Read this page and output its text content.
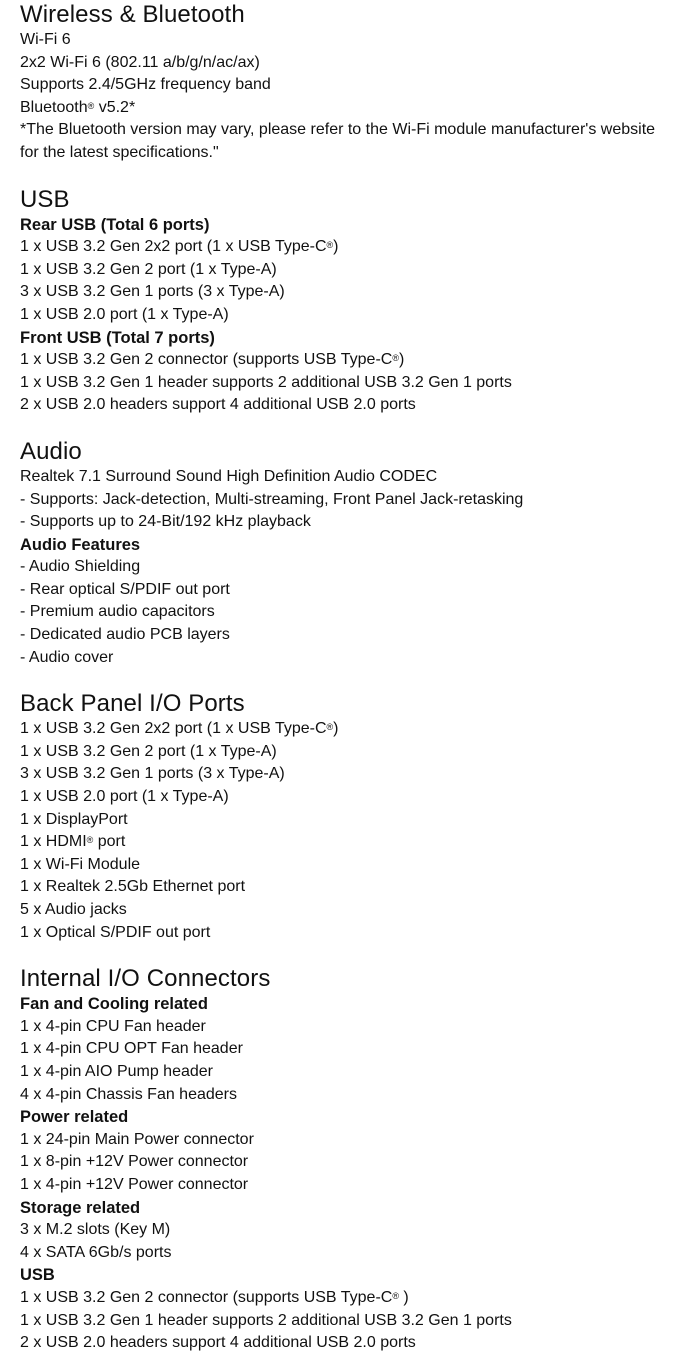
Wireless & Bluetooth
Wi-Fi 6
2x2 Wi-Fi 6 (802.11 a/b/g/n/ac/ax)
Supports 2.4/5GHz frequency band
Bluetooth® v5.2*
*The Bluetooth version may vary, please refer to the Wi-Fi module manufacturer's website for the latest specifications."
USB
Rear USB (Total 6 ports)
1 x USB 3.2 Gen 2x2 port (1 x USB Type-C®)
1 x USB 3.2 Gen 2 port (1 x Type-A)
3 x USB 3.2 Gen 1 ports (3 x Type-A)
1 x USB 2.0 port (1 x Type-A)
Front USB (Total 7 ports)
1 x USB 3.2 Gen 2 connector (supports USB Type-C®)
1 x USB 3.2 Gen 1 header supports 2 additional USB 3.2 Gen 1 ports
2 x USB 2.0 headers support 4 additional USB 2.0 ports
Audio
Realtek 7.1 Surround Sound High Definition Audio CODEC
- Supports: Jack-detection, Multi-streaming, Front Panel Jack-retasking
- Supports up to 24-Bit/192 kHz playback
Audio Features
- Audio Shielding
- Rear optical S/PDIF out port
- Premium audio capacitors
- Dedicated audio PCB layers
- Audio cover
Back Panel I/O Ports
1 x USB 3.2 Gen 2x2 port (1 x USB Type-C®)
1 x USB 3.2 Gen 2 port (1 x Type-A)
3 x USB 3.2 Gen 1 ports (3 x Type-A)
1 x USB 2.0 port (1 x Type-A)
1 x DisplayPort
1 x HDMI® port
1 x Wi-Fi Module
1 x Realtek 2.5Gb Ethernet port
5 x Audio jacks
1 x Optical S/PDIF out port
Internal I/O Connectors
Fan and Cooling related
1 x 4-pin CPU Fan header
1 x 4-pin CPU OPT Fan header
1 x 4-pin AIO Pump header
4 x 4-pin Chassis Fan headers
Power related
1 x 24-pin Main Power connector
1 x 8-pin +12V Power connector
1 x 4-pin +12V Power connector
Storage related
3 x M.2 slots (Key M)
4 x SATA 6Gb/s ports
USB
1 x USB 3.2 Gen 2 connector (supports USB Type-C® )
1 x USB 3.2 Gen 1 header supports 2 additional USB 3.2 Gen 1 ports
2 x USB 2.0 headers support 4 additional USB 2.0 ports
